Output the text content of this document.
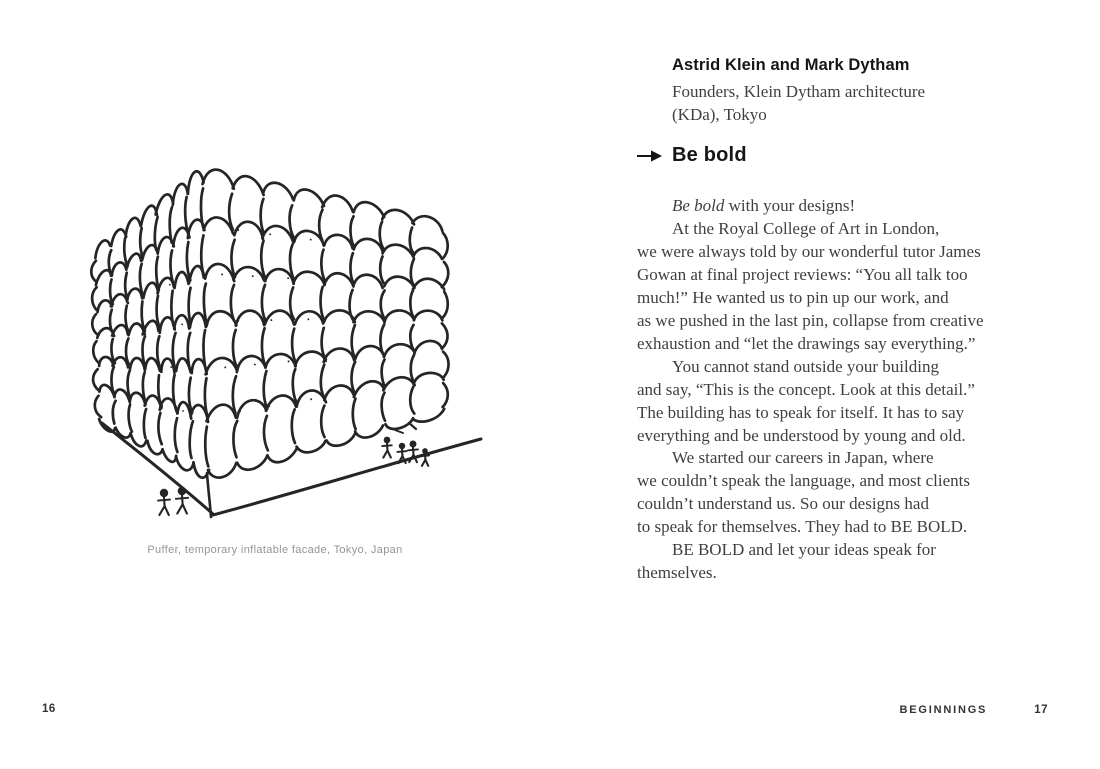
Puffer, temporary inflatable facade, Tokyo, Japan
16
Astrid Klein and Mark Dytham
Founders, Klein Dytham architecture
(KDa), Tokyo
Be bold
Be bold with your designs!
At the Royal College of Art in London,
we were always told by our wonderful tutor James
Gowan at final project reviews: “You all talk too
much!” He wanted us to pin up our work, and
as we pushed in the last pin, collapse from creative
exhaustion and “let the drawings say everything.”
You cannot stand outside your building
and say, “This is the concept. Look at this detail.”
The building has to speak for itself. It has to say
everything and be understood by young and old.
We started our careers in Japan, where
we couldn’t speak the language, and most clients
couldn’t understand us. So our designs had
to speak for themselves. They had to BE BOLD.
BE BOLD and let your ideas speak for
themselves.
BEGINNINGS	17
